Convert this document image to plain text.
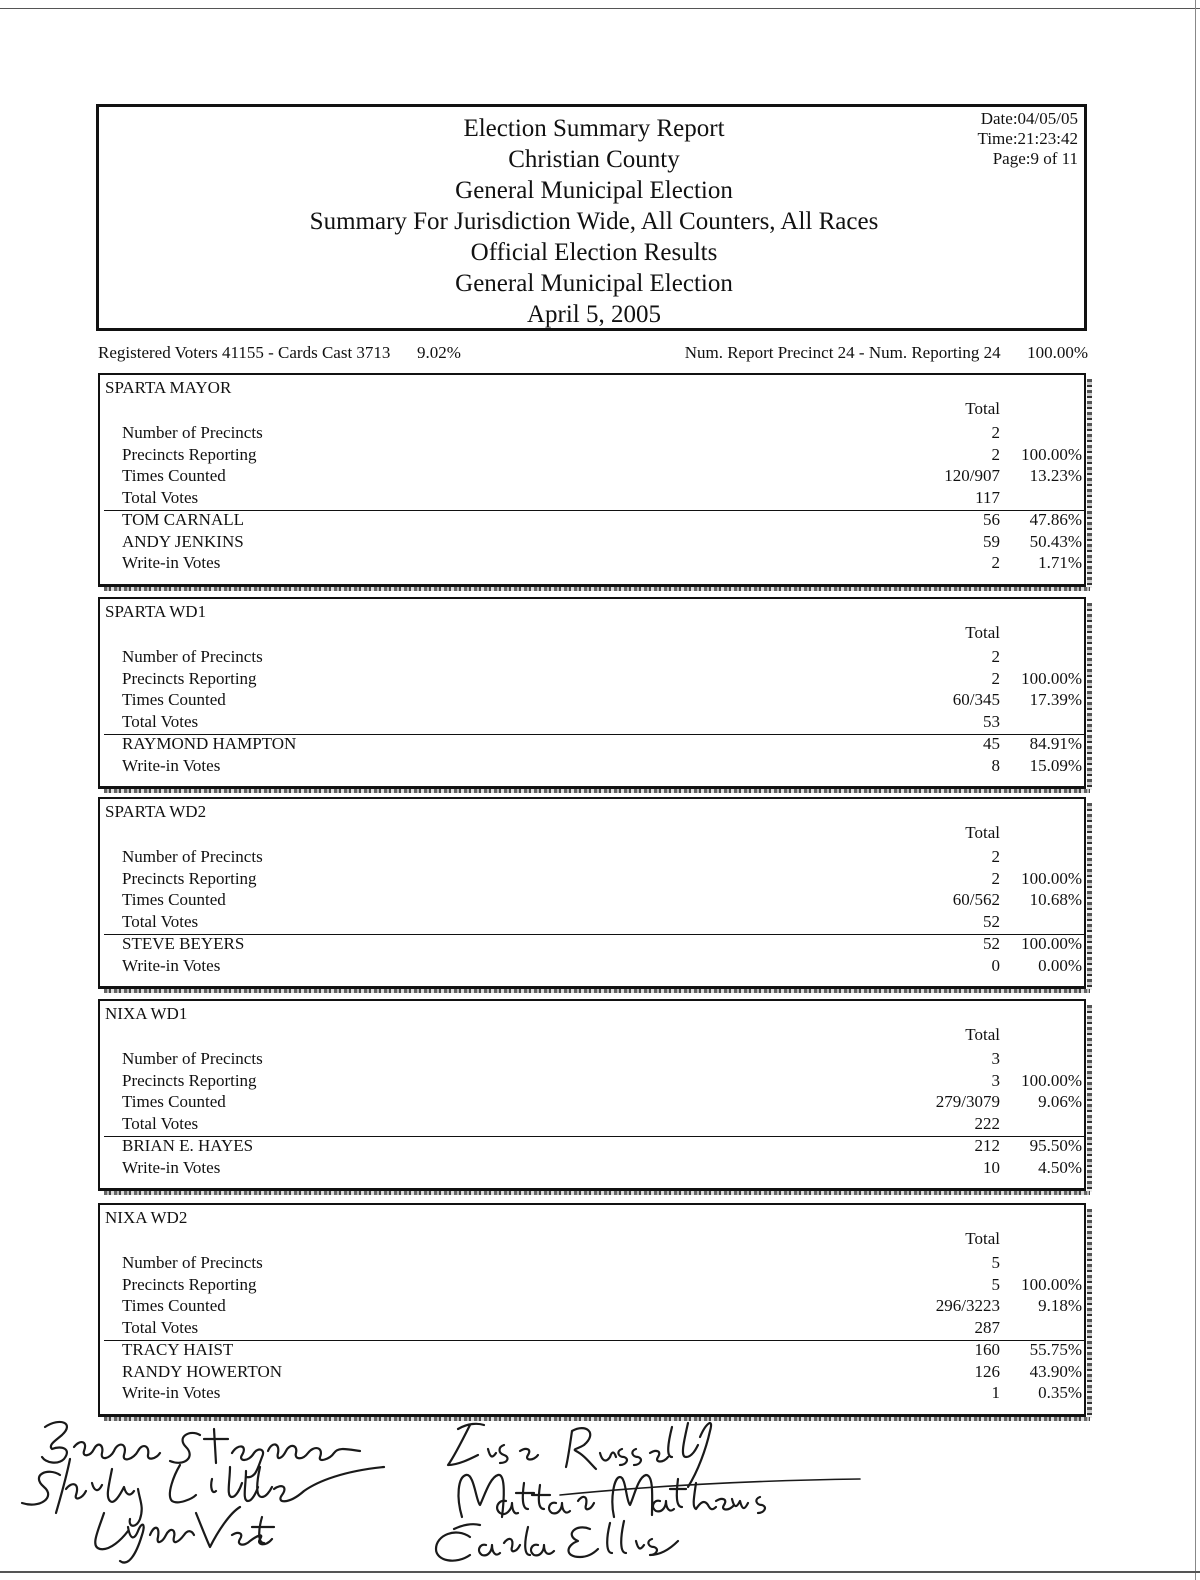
Election Summary Report
Christian County
General Municipal Election
Summary For Jurisdiction Wide, All Counters, All Races
Official Election Results
General Municipal Election
April 5, 2005
Date:04/05/05
Time:21:23:42
Page:9 of 11
Registered Voters 41155 - Cards Cast 3713 9.02%	Num. Report Precinct 24 - Num. Reporting 24 100.00%
SPARTA MAYOR
Total
Number of Precincts	2
Precincts Reporting	2	100.00%
Times Counted	120/907	13.23%
Total Votes	117
TOM CARNALL	56	47.86%
ANDY JENKINS	59	50.43%
Write-in Votes	2	1.71%
SPARTA WD1
Total
Number of Precincts	2
Precincts Reporting	2	100.00%
Times Counted	60/345	17.39%
Total Votes	53
RAYMOND HAMPTON	45	84.91%
Write-in Votes	8	15.09%
SPARTA WD2
Total
Number of Precincts	2
Precincts Reporting	2	100.00%
Times Counted	60/562	10.68%
Total Votes	52
STEVE BEYERS	52	100.00%
Write-in Votes	0	0.00%
NIXA WD1
Total
Number of Precincts	3
Precincts Reporting	3	100.00%
Times Counted	279/3079	9.06%
Total Votes	222
BRIAN E. HAYES	212	95.50%
Write-in Votes	10	4.50%
NIXA WD2
Total
Number of Precincts	5
Precincts Reporting	5	100.00%
Times Counted	296/3223	9.18%
Total Votes	287
TRACY HAIST	160	55.75%
RANDY HOWERTON	126	43.90%
Write-in Votes	1	0.35%
